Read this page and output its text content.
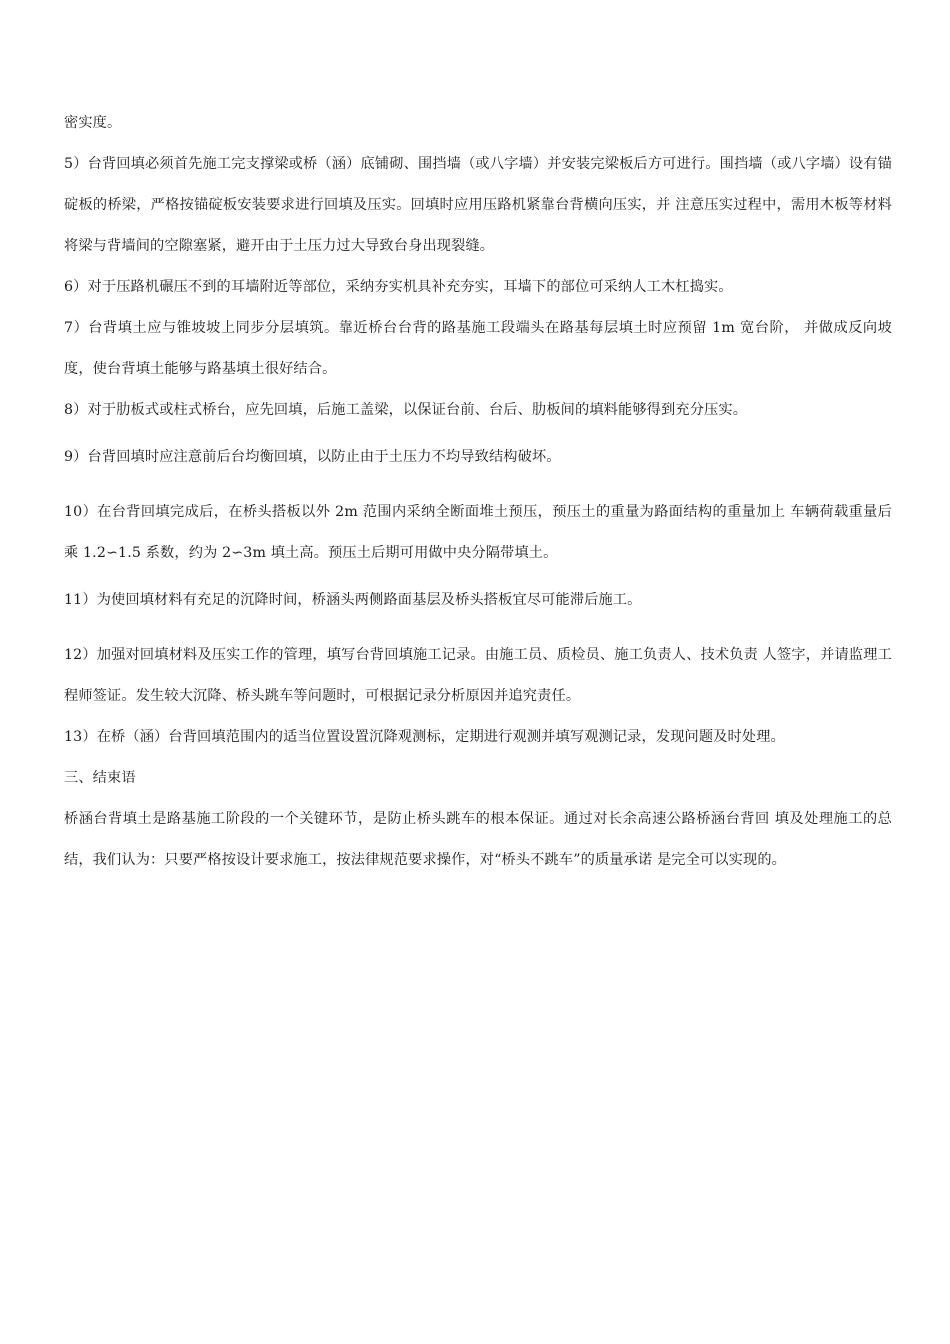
密实度。

5）台背回填必须首先施工完支撑梁或桥（涵）底铺砌、围挡墙（或八字墙）并安装完梁板后方可进行。围挡墙（或八字墙）设有锚碇板的桥梁，严格按锚碇板安装要求进行回填及压实。回填时应用压路机紧靠台背横向压实，并 注意压实过程中，需用木板等材料将梁与背墙间的空隙塞紧，避开由于土压力过大导致台身出现裂缝。

6）对于压路机碾压不到的耳墙附近等部位，采纳夯实机具补充夯实，耳墙下的部位可采纳人工木杠捣实。

7）台背填土应与锥坡坡上同步分层填筑。靠近桥台台背的路基施工段端头在路基每层填土时应预留 1m 宽台阶， 并做成反向坡度，使台背填土能够与路基填土很好结合。

8）对于肋板式或柱式桥台，应先回填，后施工盖梁，以保证台前、台后、肋板间的填料能够得到充分压实。

9）台背回填时应注意前后台均衡回填，以防止由于土压力不均导致结构破坏。

10）在台背回填完成后，在桥头搭板以外 2m 范围内采纳全断面堆土预压，预压土的重量为路面结构的重量加上 车辆荷载重量后乘 1.2∽1.5 系数，约为 2∽3m 填土高。预压土后期可用做中央分隔带填土。

11）为使回填材料有充足的沉降时间，桥涵头两侧路面基层及桥头搭板宜尽可能滞后施工。

12）加强对回填材料及压实工作的管理，填写台背回填施工记录。由施工员、质检员、施工负责人、技术负责 人签字，并请监理工程师签证。发生较大沉降、桥头跳车等问题时，可根据记录分析原因并追究责任。

13）在桥（涵）台背回填范围内的适当位置设置沉降观测标，定期进行观测并填写观测记录，发现问题及时处理。

三、结束语

桥涵台背填土是路基施工阶段的一个关键环节，是防止桥头跳车的根本保证。通过对长余高速公路桥涵台背回 填及处理施工的总结，我们认为：只要严格按设计要求施工，按法律规范要求操作，对“桥头不跳车”的质量承诺 是完全可以实现的。
